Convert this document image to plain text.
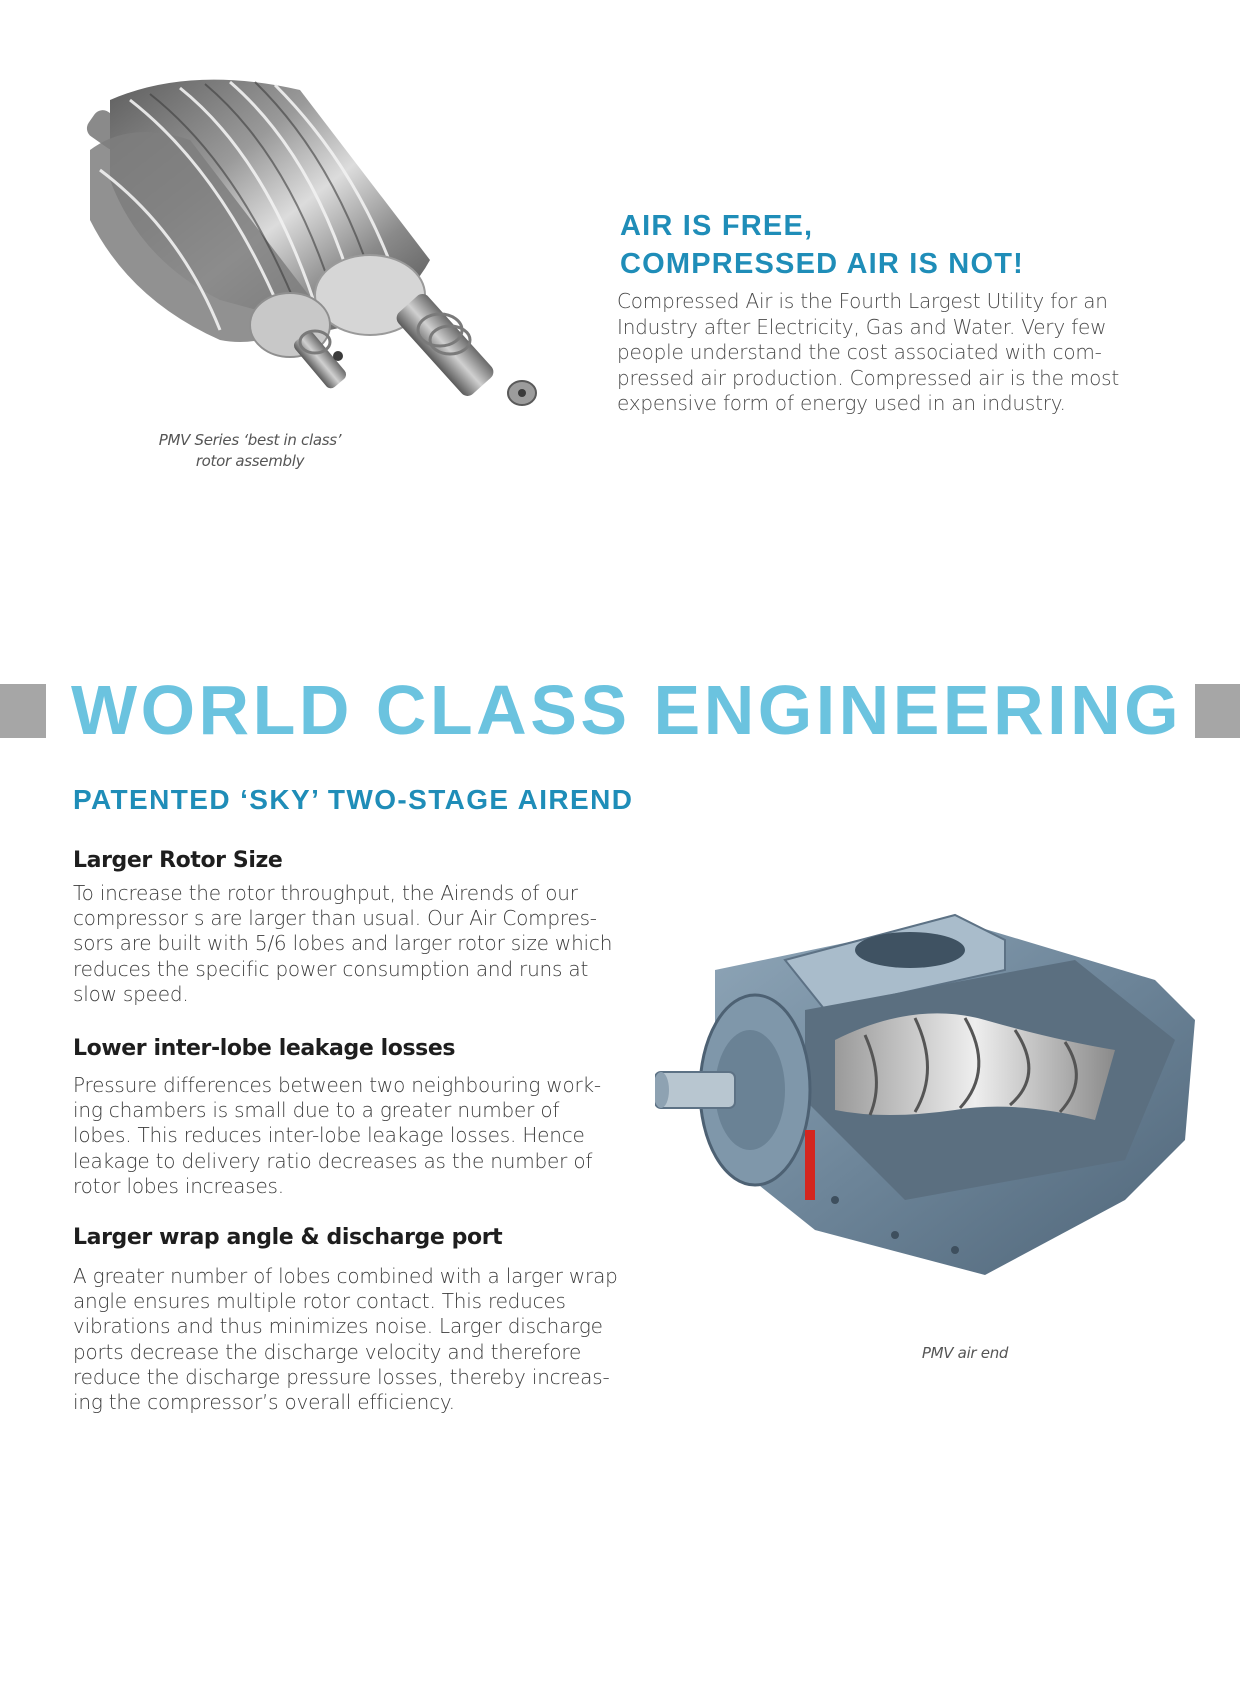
PMV Series ‘best in class’
rotor assembly
AIR IS FREE,
COMPRESSED AIR IS NOT!
Compressed Air is the Fourth Largest Utility for an
Industry after Electricity, Gas and Water. Very few
people understand the cost associated with com-
pressed air production. Compressed air is the most
expensive form of energy used in an industry.
WORLD CLASS ENGINEERING
PATENTED ‘SKY’ TWO-STAGE AIREND
Larger Rotor Size
To increase the rotor throughput, the Airends of our
compressor s are larger than usual. Our Air Compres-
sors are built with 5/6 lobes and larger rotor size which
reduces the specific power consumption and runs at
slow speed.
Lower inter-lobe leakage losses
Pressure differences between two neighbouring work-
ing chambers is small due to a greater number of
lobes. This reduces inter-lobe leakage losses. Hence
leakage to delivery ratio decreases as the number of
rotor lobes increases.
Larger wrap angle & discharge port
A greater number of lobes combined with a larger wrap
angle ensures multiple rotor contact. This reduces
vibrations and thus minimizes noise. Larger discharge
ports decrease the discharge velocity and therefore
reduce the discharge pressure losses, thereby increas-
ing the compressor’s overall efficiency.
PMV air end
